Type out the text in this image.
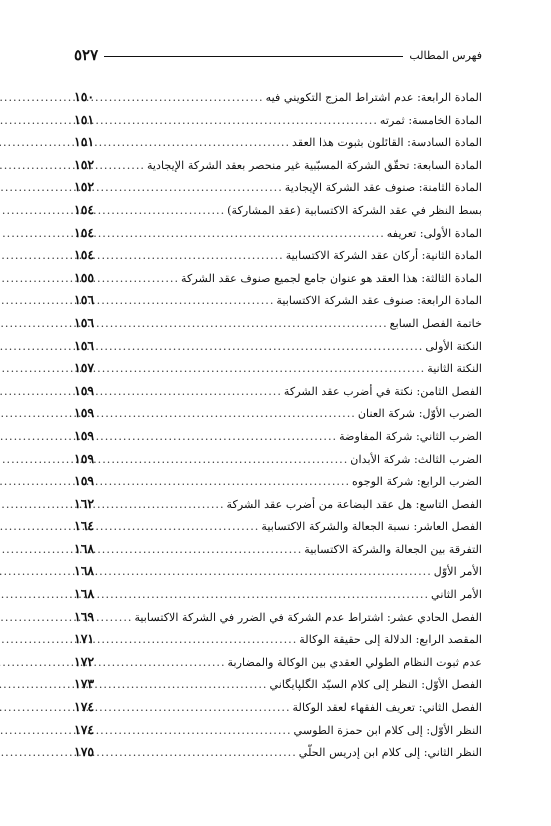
فهرس المطالب
٥٢٧
المادة الرابعة: عدم اشتراط المزج التكويني فيه
.....
١٥٠
المادة الخامسة: ثمرته
.....
١٥١
المادة السادسة: القائلون بثبوت هذا العقد
.....
١٥١
المادة السابعة: تحقّق الشركة المسبّبية غير منحصر بعقد الشركة الإيجادية
.....
١٥٢
المادة الثامنة: صنوف عقد الشركة الإيجادية
.....
١٥٢
بسط النظر في عقد الشركة الاكتسابية (عقد المشاركة)
.....
١٥٤
المادة الأولى: تعريفه
.....
١٥٤
المادة الثانية: أركان عقد الشركة الاكتسابية
.....
١٥٤
المادة الثالثة: هذا العقد هو عنوان جامع لجميع صنوف عقد الشركة
.....
١٥٥
المادة الرابعة: صنوف عقد الشركة الاكتسابية
.....
١٥٦
خاتمة الفصل السابع
.....
١٥٦
النكتة الأولى
.....
١٥٦
النكتة الثانية
.....
١٥٧
الفصل الثامن: نكتة في أضرب عقد الشركة
.....
١٥٩
الضرب الأوّل: شركة العنان
.....
١٥٩
الضرب الثاني: شركة المفاوضة
.....
١٥٩
الضرب الثالث: شركة الأبدان
.....
١٥٩
الضرب الرابع: شركة الوجوه
.....
١٥٩
الفصل التاسع: هل عقد البضاعة من أضرب عقد الشركة
.....
١٦٢
الفصل العاشر: نسبة الجعالة والشركة الاكتسابية
.....
١٦٤
التفرقة بين الجعالة والشركة الاكتسابية
.....
١٦٨
الأمر الأوّل
.....
١٦٨
الأمر الثاني
.....
١٦٨
الفصل الحادي عشر: اشتراط عدم الشركة في الضرر في الشركة الاكتسابية
.....
١٦٩
المقصد الرابع: الدلالة إلى حقيقة الوكالة
.....
١٧١
عدم ثبوت النظام الطولي العقدي بين الوكالة والمضاربة
.....
١٧٢
الفصل الأوّل: النظر إلى كلام السيّد الگلپايگاني
.....
١٧٣
الفصل الثاني: تعريف الفقهاء لعقد الوكالة
.....
١٧٤
النظر الأوّل: إلى كلام ابن حمزة الطوسي
.....
١٧٤
النظر الثاني: إلى كلام ابن إدريس الحلّي
.....
١٧٥
